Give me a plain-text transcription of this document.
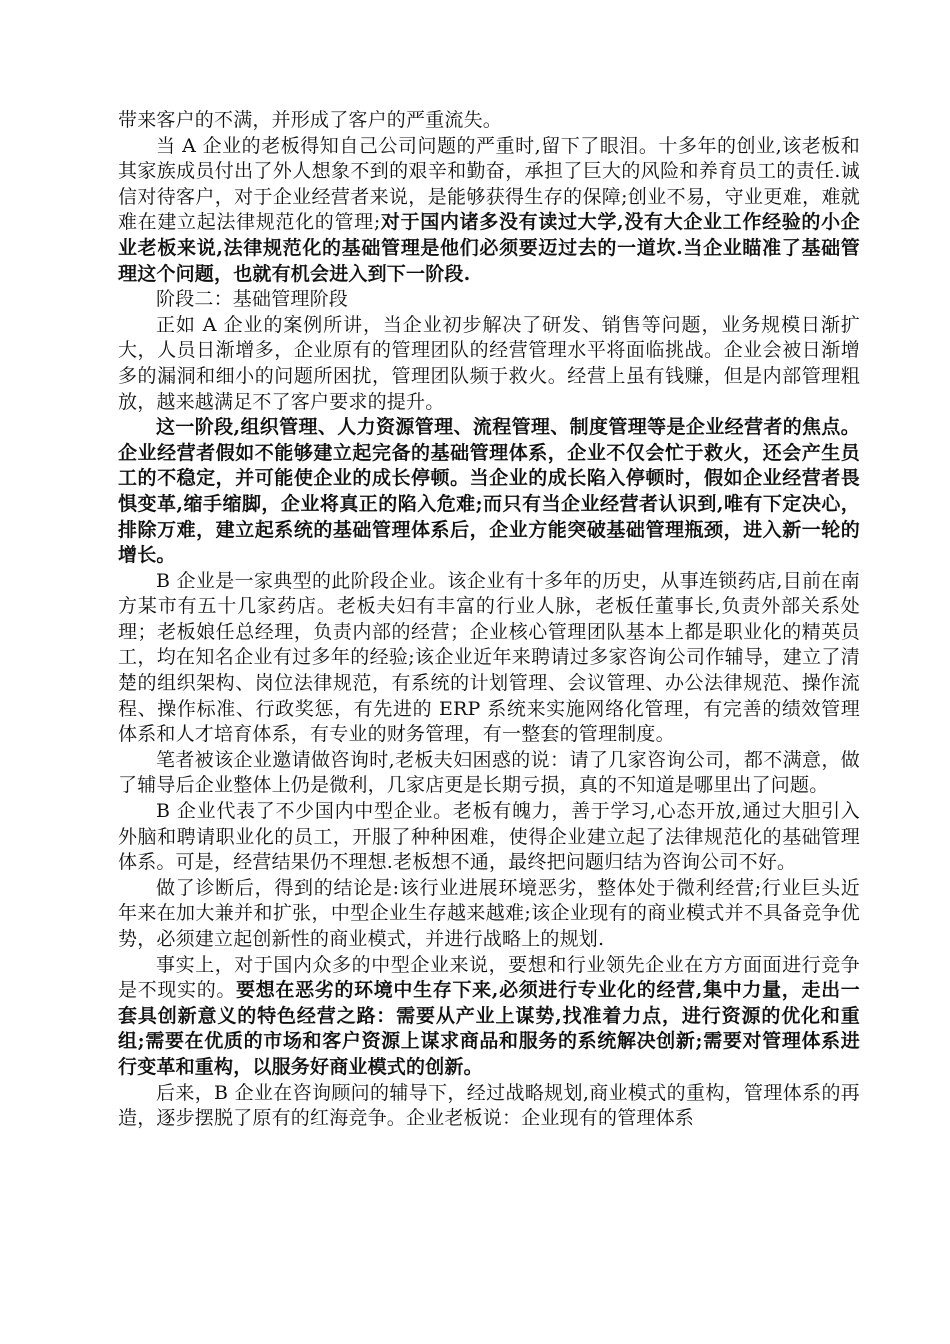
带来客户的不满，并形成了客户的严重流失。

当 A 企业的老板得知自己公司问题的严重时,留下了眼泪。十多年的创业,该老板和其家族成员付出了外人想象不到的艰辛和勤奋，承担了巨大的风险和养育员工的责任.诚信对待客户，对于企业经营者来说，是能够获得生存的保障;创业不易，守业更难，难就难在建立起法律规范化的管理;对于国内诸多没有读过大学,没有大企业工作经验的小企业老板来说,法律规范化的基础管理是他们必须要迈过去的一道坎.当企业瞄准了基础管理这个问题，也就有机会进入到下一阶段.

阶段二：基础管理阶段

正如 A 企业的案例所讲，当企业初步解决了研发、销售等问题，业务规模日渐扩大，人员日渐增多，企业原有的管理团队的经营管理水平将面临挑战。企业会被日渐增多的漏洞和细小的问题所困扰，管理团队频于救火。经营上虽有钱赚，但是内部管理粗放，越来越满足不了客户要求的提升。

这一阶段,组织管理、人力资源管理、流程管理、制度管理等是企业经营者的焦点。企业经营者假如不能够建立起完备的基础管理体系，企业不仅会忙于救火，还会产生员工的不稳定，并可能使企业的成长停顿。当企业的成长陷入停顿时，假如企业经营者畏惧变革,缩手缩脚，企业将真正的陷入危难;而只有当企业经营者认识到,唯有下定决心，排除万难，建立起系统的基础管理体系后，企业方能突破基础管理瓶颈，进入新一轮的增长。

B 企业是一家典型的此阶段企业。该企业有十多年的历史，从事连锁药店,目前在南方某市有五十几家药店。老板夫妇有丰富的行业人脉，老板任董事长,负责外部关系处理；老板娘任总经理，负责内部的经营；企业核心管理团队基本上都是职业化的精英员工，均在知名企业有过多年的经验;该企业近年来聘请过多家咨询公司作辅导，建立了清楚的组织架构、岗位法律规范，有系统的计划管理、会议管理、办公法律规范、操作流程、操作标准、行政奖惩，有先进的 ERP 系统来实施网络化管理，有完善的绩效管理体系和人才培育体系，有专业的财务管理，有一整套的管理制度。

笔者被该企业邀请做咨询时,老板夫妇困惑的说：请了几家咨询公司，都不满意，做了辅导后企业整体上仍是微利，几家店更是长期亏损，真的不知道是哪里出了问题。

B 企业代表了不少国内中型企业。老板有魄力，善于学习,心态开放,通过大胆引入外脑和聘请职业化的员工，开服了种种困难，使得企业建立起了法律规范化的基础管理体系。可是，经营结果仍不理想.老板想不通，最终把问题归结为咨询公司不好。

做了诊断后，得到的结论是:该行业进展环境恶劣，整体处于微利经营;行业巨头近年来在加大兼并和扩张，中型企业生存越来越难;该企业现有的商业模式并不具备竞争优势，必须建立起创新性的商业模式，并进行战略上的规划.

事实上，对于国内众多的中型企业来说，要想和行业领先企业在方方面面进行竞争是不现实的。要想在恶劣的环境中生存下来,必须进行专业化的经营,集中力量，走出一套具创新意义的特色经营之路：需要从产业上谋势,找准着力点，进行资源的优化和重组;需要在优质的市场和客户资源上谋求商品和服务的系统解决创新;需要对管理体系进行变革和重构，以服务好商业模式的创新。

后来，B 企业在咨询顾问的辅导下，经过战略规划,商业模式的重构，管理体系的再造，逐步摆脱了原有的红海竞争。企业老板说：企业现有的管理体系
